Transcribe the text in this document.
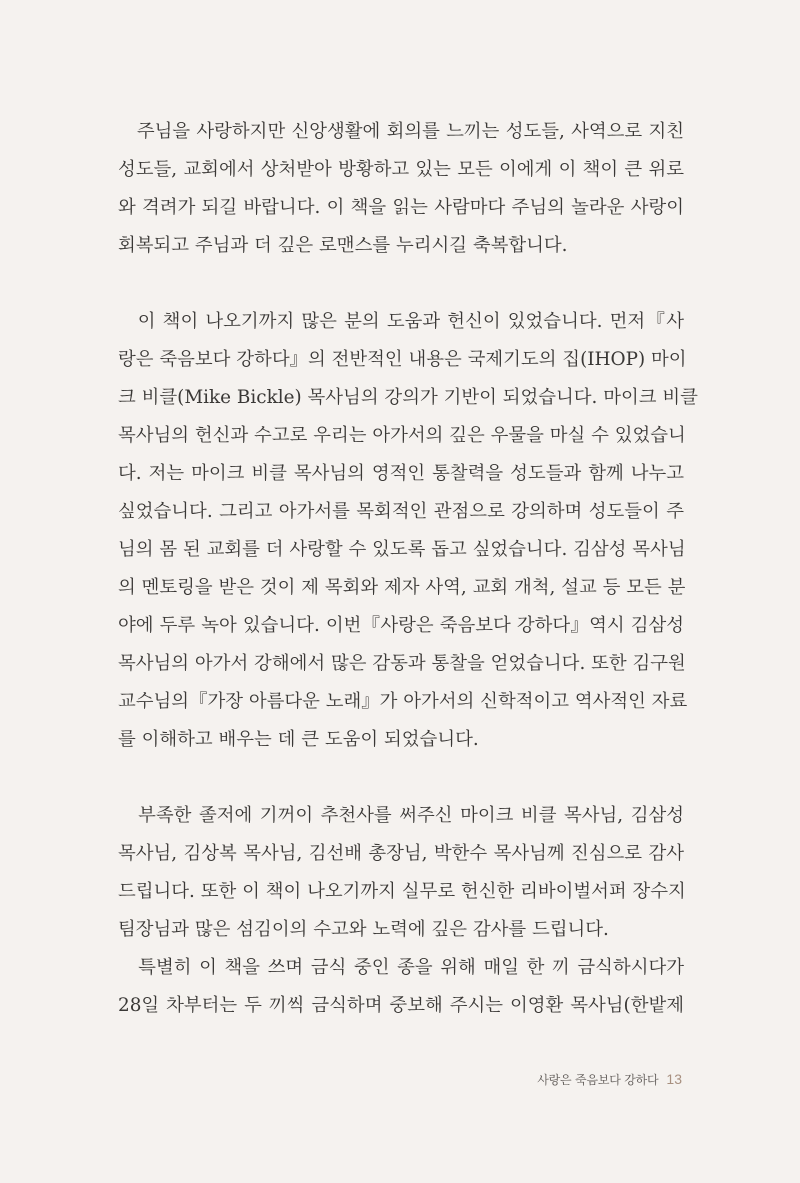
　주님을 사랑하지만 신앙생활에 회의를 느끼는 성도들, 사역으로 지친
성도들, 교회에서 상처받아 방황하고 있는 모든 이에게 이 책이 큰 위로
와 격려가 되길 바랍니다. 이 책을 읽는 사람마다 주님의 놀라운 사랑이
회복되고 주님과 더 깊은 로맨스를 누리시길 축복합니다.

　이 책이 나오기까지 많은 분의 도움과 헌신이 있었습니다. 먼저『사
랑은 죽음보다 강하다』의 전반적인 내용은 국제기도의 집(IHOP) 마이
크 비클(Mike Bickle) 목사님의 강의가 기반이 되었습니다. 마이크 비클
목사님의 헌신과 수고로 우리는 아가서의 깊은 우물을 마실 수 있었습니
다. 저는 마이크 비클 목사님의 영적인 통찰력을 성도들과 함께 나누고
싶었습니다. 그리고 아가서를 목회적인 관점으로 강의하며 성도들이 주
님의 몸 된 교회를 더 사랑할 수 있도록 돕고 싶었습니다. 김삼성 목사님
의 멘토링을 받은 것이 제 목회와 제자 사역, 교회 개척, 설교 등 모든 분
야에 두루 녹아 있습니다. 이번『사랑은 죽음보다 강하다』역시 김삼성
목사님의 아가서 강해에서 많은 감동과 통찰을 얻었습니다. 또한 김구원
교수님의『가장 아름다운 노래』가 아가서의 신학적이고 역사적인 자료
를 이해하고 배우는 데 큰 도움이 되었습니다.

　부족한 졸저에 기꺼이 추천사를 써주신 마이크 비클 목사님, 김삼성
목사님, 김상복 목사님, 김선배 총장님, 박한수 목사님께 진심으로 감사
드립니다. 또한 이 책이 나오기까지 실무로 헌신한 리바이벌서퍼 장수지
팀장님과 많은 섬김이의 수고와 노력에 깊은 감사를 드립니다.

　특별히 이 책을 쓰며 금식 중인 종을 위해 매일 한 끼 금식하시다가
28일 차부터는 두 끼씩 금식하며 중보해 주시는 이영환 목사님(한밭제

사랑은 죽음보다 강하다 13
